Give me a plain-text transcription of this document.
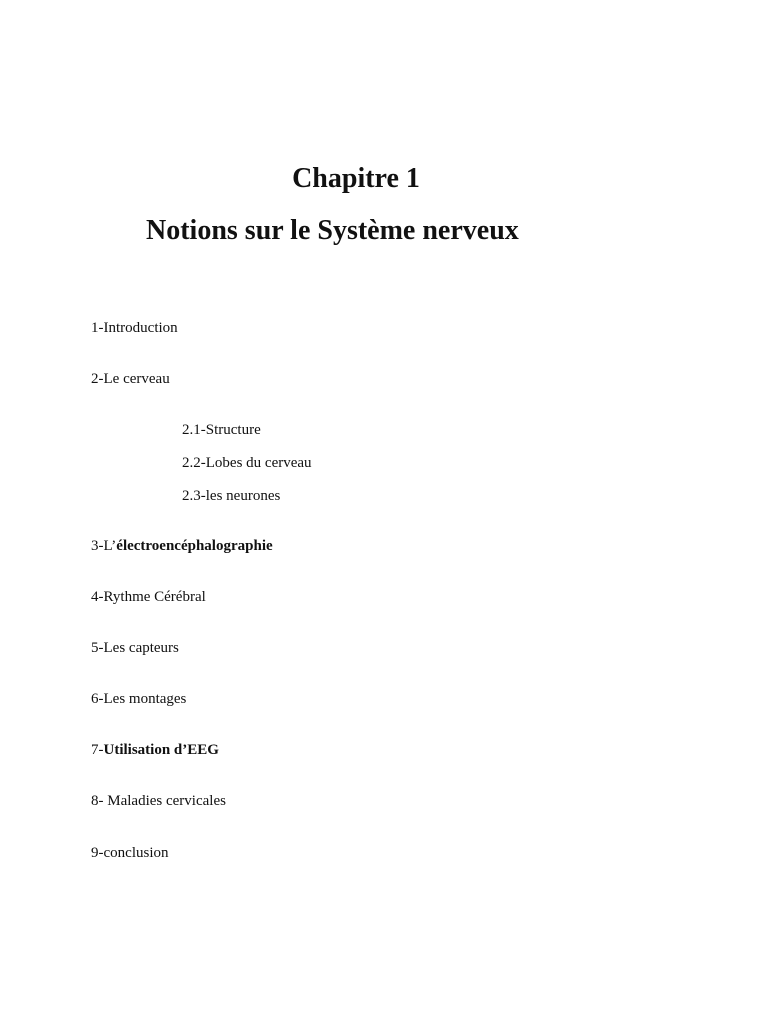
Chapitre 1
Notions sur le Système nerveux
1-Introduction
2-Le cerveau
2.1-Structure
2.2-Lobes du cerveau
2.3-les neurones
3-L’électroencéphalographie
4-Rythme Cérébral
5-Les capteurs
6-Les montages
7-Utilisation d’EEG
8- Maladies cervicales
9-conclusion
